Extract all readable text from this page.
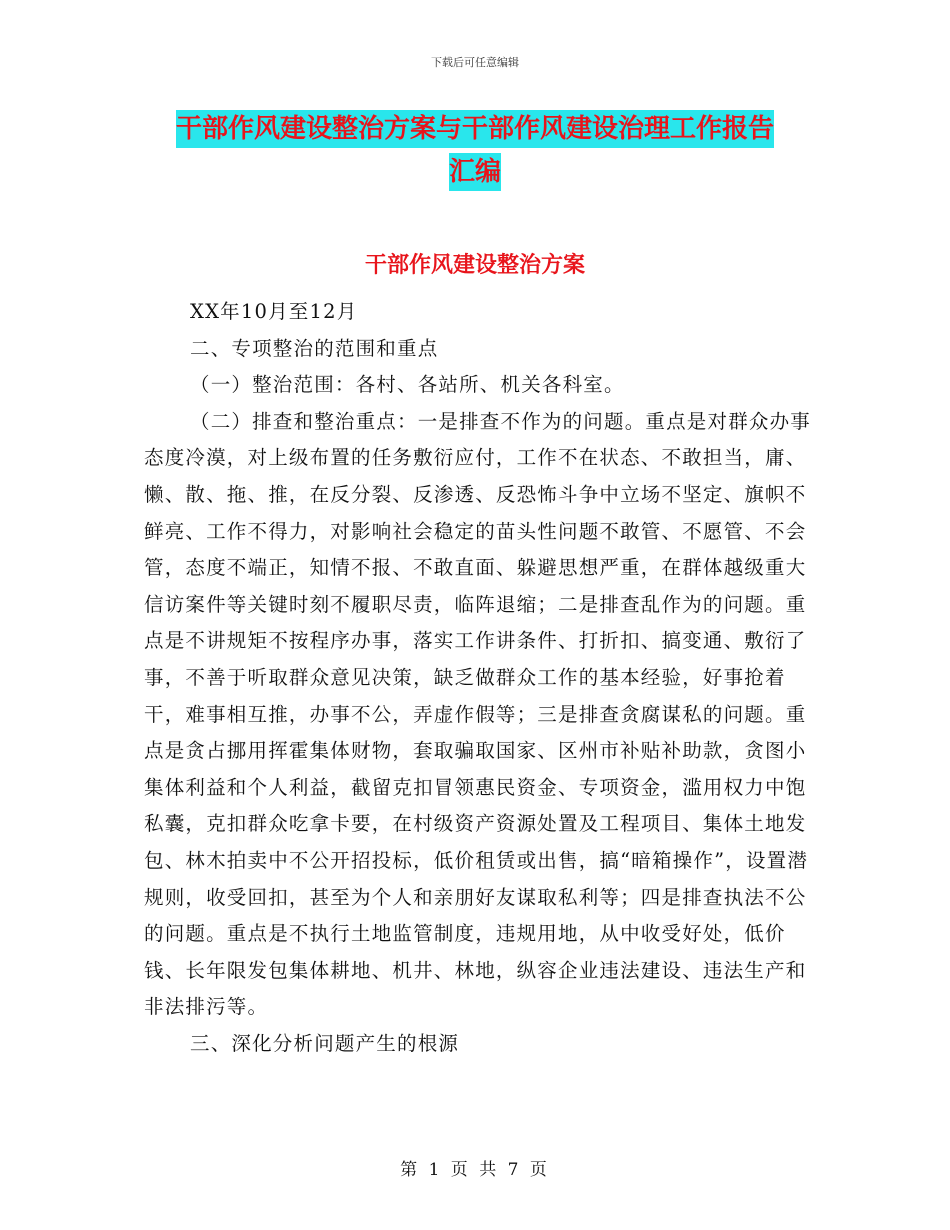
下载后可任意编辑
干部作风建设整治方案与干部作风建设治理工作报告
汇编
干部作风建设整治方案

XX年10月至12月

二、专项整治的范围和重点

（一）整治范围：各村、各站所、机关各科室。

（二）排查和整治重点：一是排查不作为的问题。重点是对群众办事态度冷漠，对上级布置的任务敷衍应付，工作不在状态、不敢担当，庸、懒、散、拖、推，在反分裂、反渗透、反恐怖斗争中立场不坚定、旗帜不鲜亮、工作不得力，对影响社会稳定的苗头性问题不敢管、不愿管、不会管，态度不端正，知情不报、不敢直面、躲避思想严重，在群体越级重大信访案件等关键时刻不履职尽责，临阵退缩；二是排查乱作为的问题。重点是不讲规矩不按程序办事，落实工作讲条件、打折扣、搞变通、敷衍了事，不善于听取群众意见决策，缺乏做群众工作的基本经验，好事抢着干，难事相互推，办事不公，弄虚作假等；三是排查贪腐谋私的问题。重点是贪占挪用挥霍集体财物，套取骗取国家、区州市补贴补助款，贪图小集体利益和个人利益，截留克扣冒领惠民资金、专项资金，滥用权力中饱私囊，克扣群众吃拿卡要，在村级资产资源处置及工程项目、集体土地发包、林木拍卖中不公开招投标，低价租赁或出售，搞“暗箱操作”，设置潜规则，收受回扣，甚至为个人和亲朋好友谋取私利等；四是排查执法不公的问题。重点是不执行土地监管制度，违规用地，从中收受好处，低价钱、长年限发包集体耕地、机井、林地，纵容企业违法建设、违法生产和非法排污等。

三、深化分析问题产生的根源

第 1 页 共 7 页
